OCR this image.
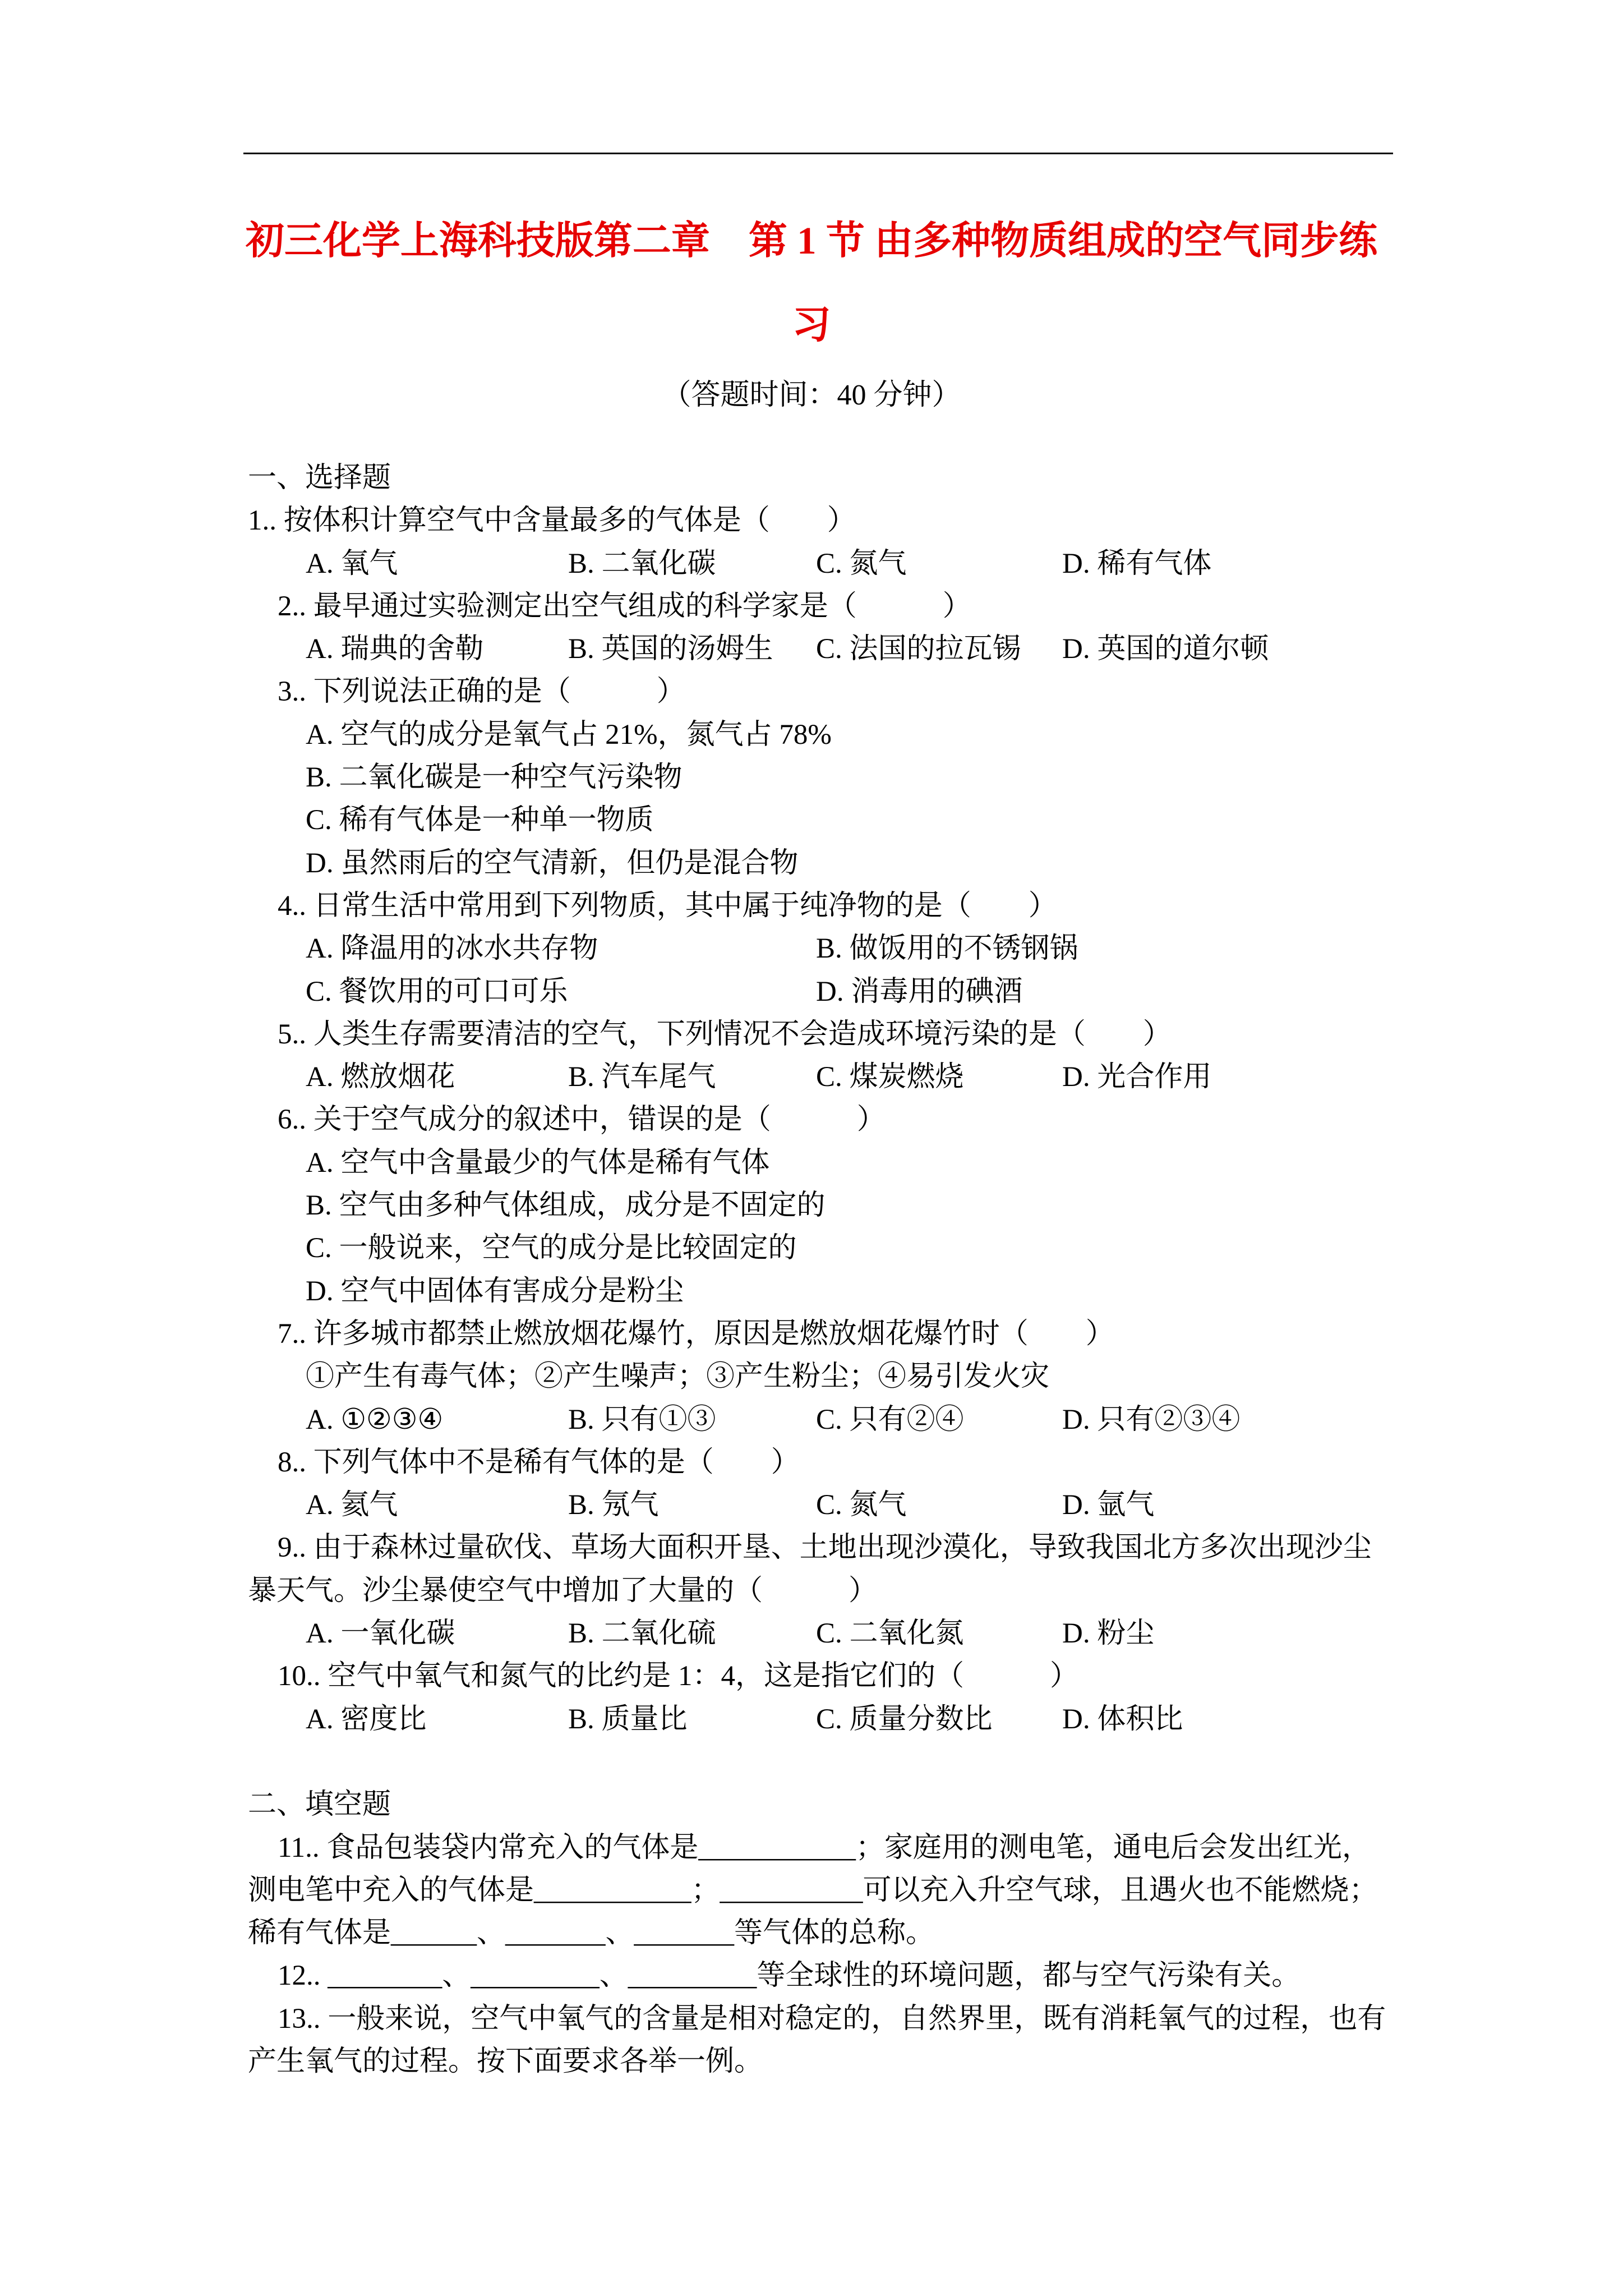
初三化学上海科技版第二章　第 1 节 由多种物质组成的空气同步练习
（答题时间：40 分钟）
一、选择题
1.. 按体积计算空气中含量最多的气体是（　　）
A. 氧气	B. 二氧化碳	C. 氮气	D. 稀有气体
2.. 最早通过实验测定出空气组成的科学家是（　　　）
A. 瑞典的舍勒	B. 英国的汤姆生	C. 法国的拉瓦锡	D. 英国的道尔顿
3.. 下列说法正确的是（　　　）
A. 空气的成分是氧气占 21%，氮气占 78%
B. 二氧化碳是一种空气污染物
C. 稀有气体是一种单一物质
D. 虽然雨后的空气清新，但仍是混合物
4.. 日常生活中常用到下列物质，其中属于纯净物的是（　　）
A. 降温用的冰水共存物	B. 做饭用的不锈钢锅
C. 餐饮用的可口可乐	D. 消毒用的碘酒
5.. 人类生存需要清洁的空气，下列情况不会造成环境污染的是（　　）
A. 燃放烟花	B. 汽车尾气	C. 煤炭燃烧	D. 光合作用
6.. 关于空气成分的叙述中，错误的是（　　　）
A. 空气中含量最少的气体是稀有气体
B. 空气由多种气体组成，成分是不固定的
C. 一般说来，空气的成分是比较固定的
D. 空气中固体有害成分是粉尘
7.. 许多城市都禁止燃放烟花爆竹，原因是燃放烟花爆竹时（　　）
①产生有毒气体；②产生噪声；③产生粉尘；④易引发火灾
A. ①②③④	B. 只有①③	C. 只有②④	D. 只有②③④
8.. 下列气体中不是稀有气体的是（　　）
A. 氦气	B. 氖气	C. 氮气	D. 氩气
9.. 由于森林过量砍伐、草场大面积开垦、土地出现沙漠化，导致我国北方多次出现沙尘
暴天气。沙尘暴使空气中增加了大量的（　　　）
A. 一氧化碳	B. 二氧化硫	C. 二氧化氮	D. 粉尘
10.. 空气中氧气和氮气的比约是 1：4，这是指它们的（　　　）
A. 密度比	B. 质量比	C. 质量分数比	D. 体积比
二、填空题
11.. 食品包装袋内常充入的气体是___________；家庭用的测电笔，通电后会发出红光，
测电笔中充入的气体是___________；__________可以充入升空气球，且遇火也不能燃烧；
稀有气体是______、_______、_______等气体的总称。
12.. ________、_________、_________等全球性的环境问题，都与空气污染有关。
13.. 一般来说，空气中氧气的含量是相对稳定的，自然界里，既有消耗氧气的过程，也有
产生氧气的过程。按下面要求各举一例。
